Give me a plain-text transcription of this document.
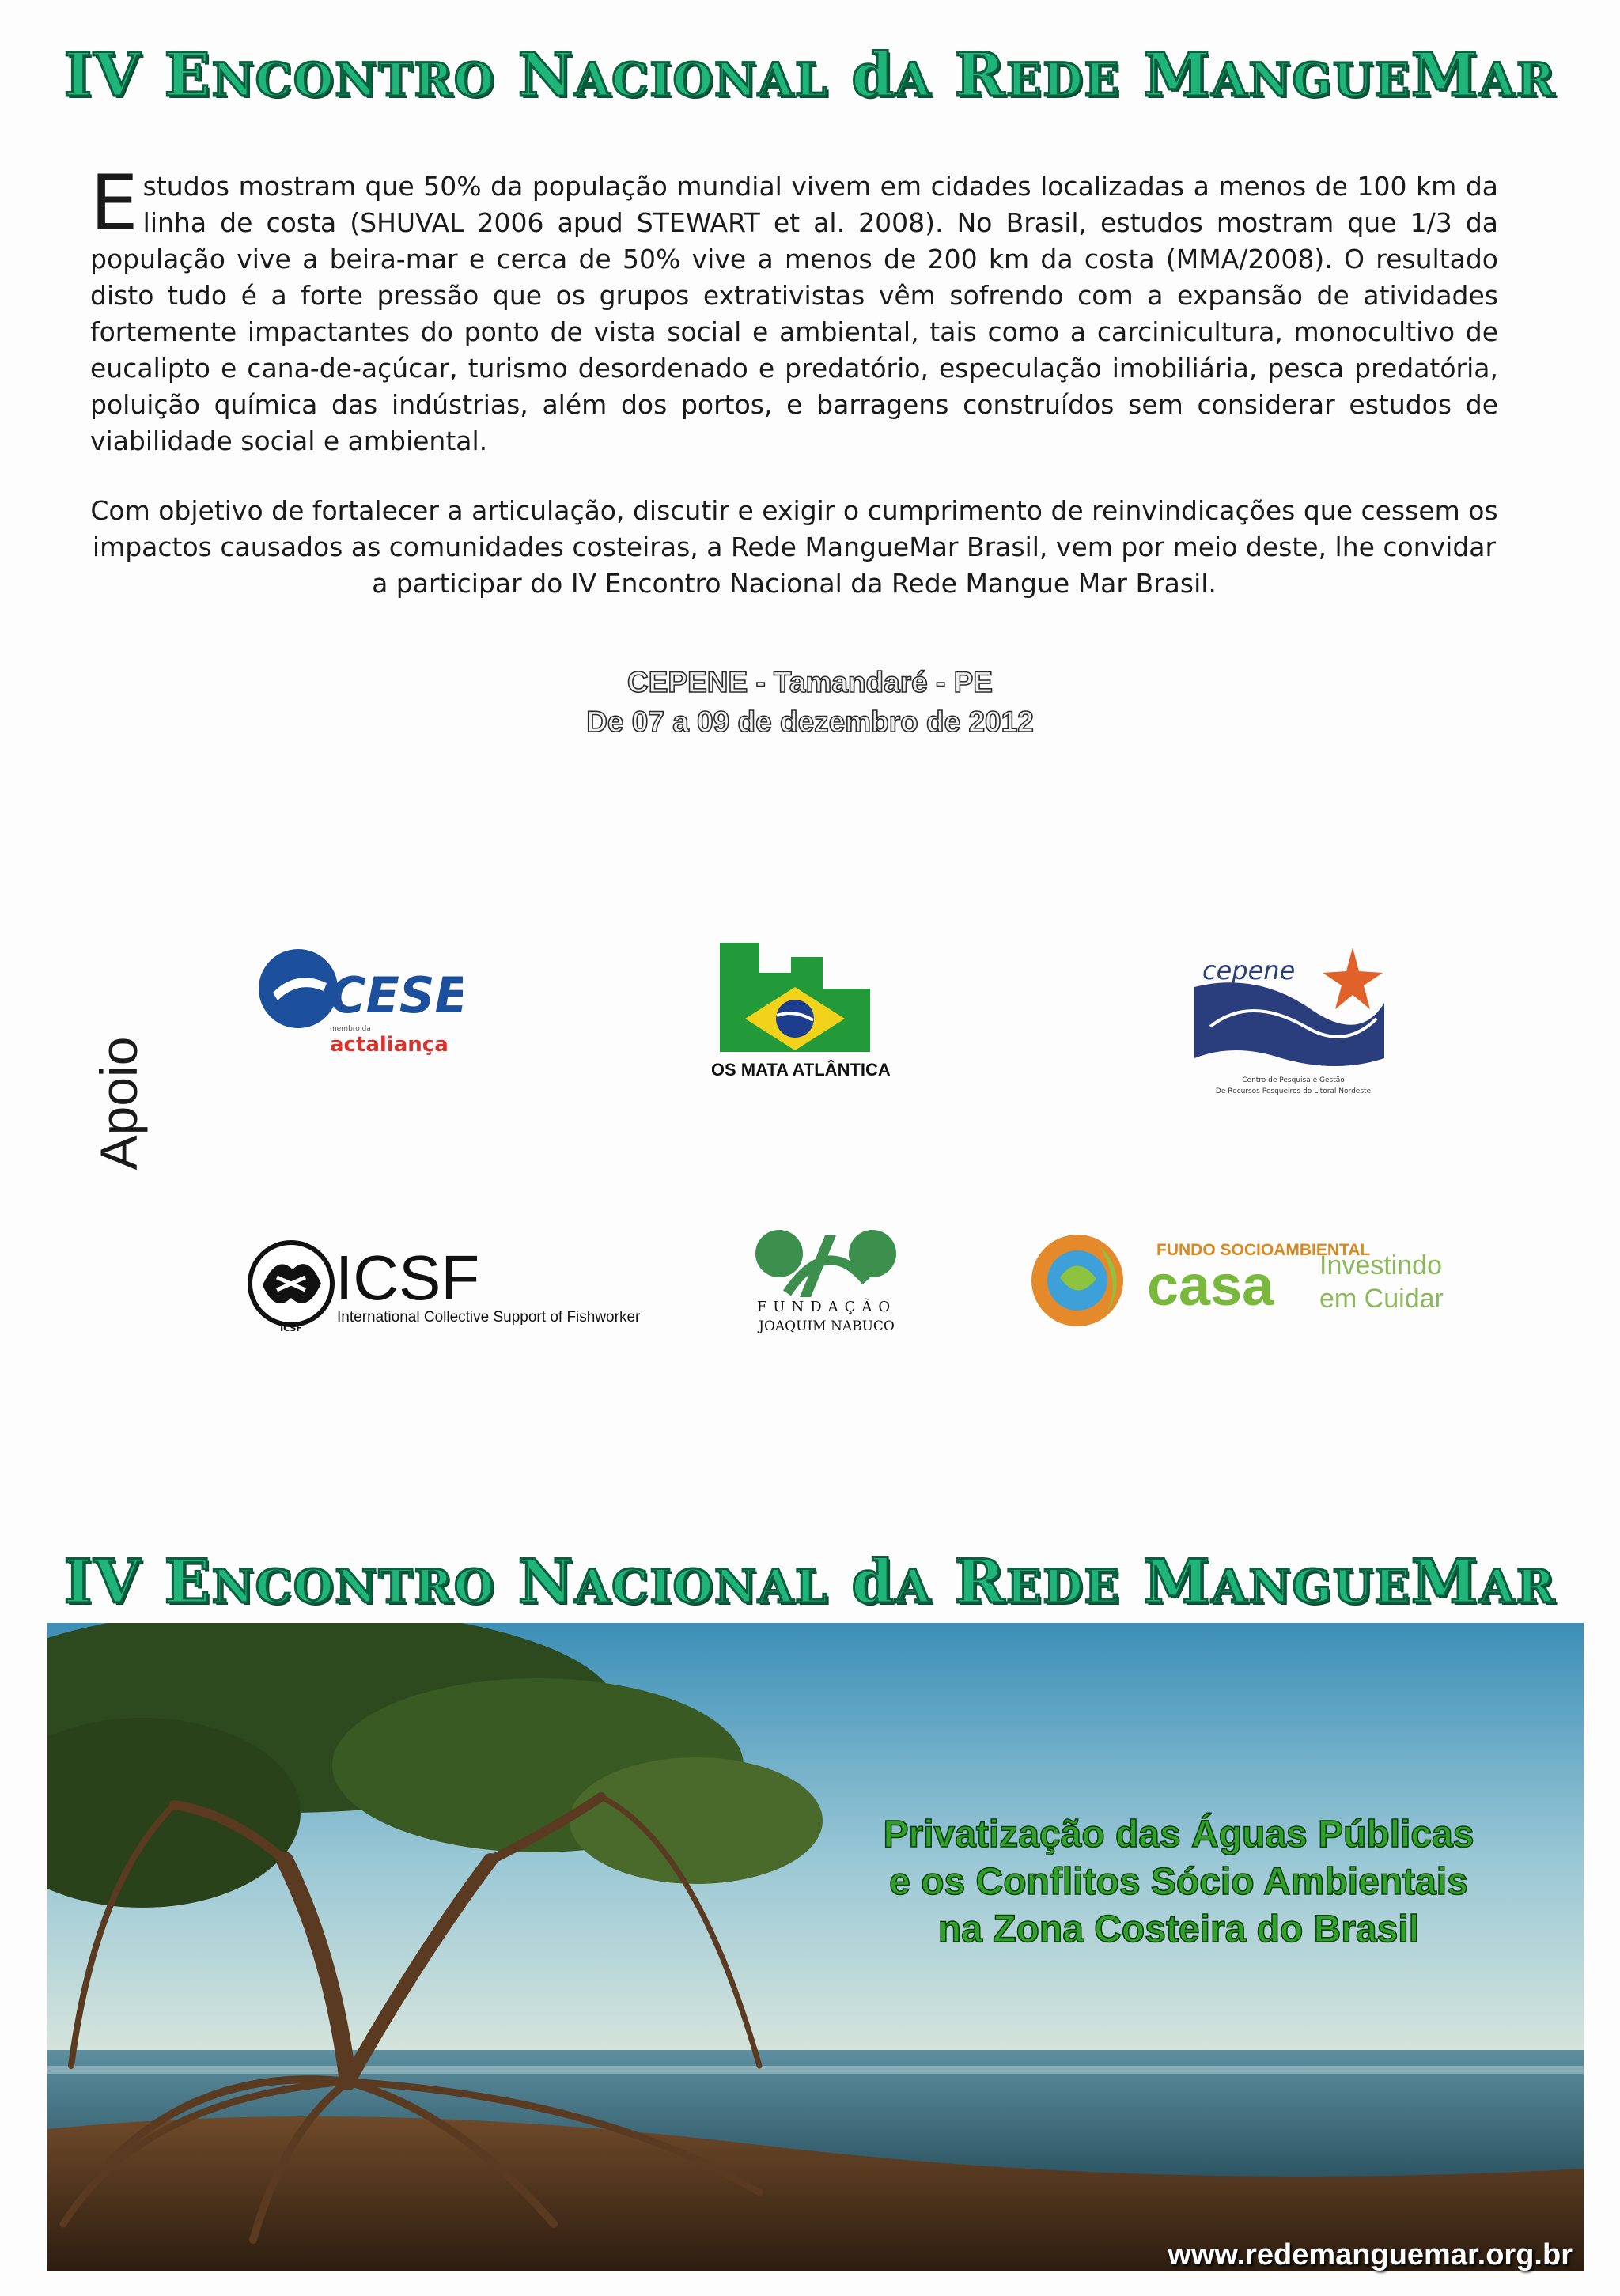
IV ENCONTRO NACIONAL dA REDE MANGUEMAR

Estudos mostram que 50% da população mundial vivem em cidades localizadas a menos de 100 km da linha de costa (SHUVAL 2006 apud STEWART et al. 2008). No Brasil, estudos mostram que 1/3 da população vive a beira-mar e cerca de 50% vive a menos de 200 km da costa (MMA/2008). O resultado disto tudo é a forte pressão que os grupos extrativistas vêm sofrendo com a expansão de atividades fortemente impactantes do ponto de vista social e ambiental, tais como a carcinicultura, monocultivo de eucalipto e cana-de-açúcar, turismo desordenado e predatório, especulação imobiliária, pesca predatória, poluição química das indústrias, além dos portos, e barragens construídos sem considerar estudos de viabilidade social e ambiental.

Com objetivo de fortalecer a articulação, discutir e exigir o cumprimento de reinvindicações que cessem os impactos causados as comunidades costeiras, a Rede MangueMar Brasil, vem por meio deste, lhe convidar a participar do IV Encontro Nacional da Rede Mangue Mar Brasil.

CEPENE - Tamandaré - PE
De 07 a 09 de dezembro de 2012
Apoio
CESE
membro da
actaliança
SOS MATA ATLÂNTICA
cepene
Centro de Pesquisa e Gestão
De Recursos Pesqueiros do Litoral Nordeste
ICSF
ICSF
International Collective Support of Fishworkers
FUNDAÇÃO
JOAQUIM NABUCO
FUNDO SOCIOAMBIENTAL
casa Investindo
em Cuidar
IV ENCONTRO NACIONAL dA REDE MANGUEMAR
Privatização das Águas Públicas
e os Conflitos Sócio Ambientais
na Zona Costeira do Brasil
www.redemanguemar.org.br
